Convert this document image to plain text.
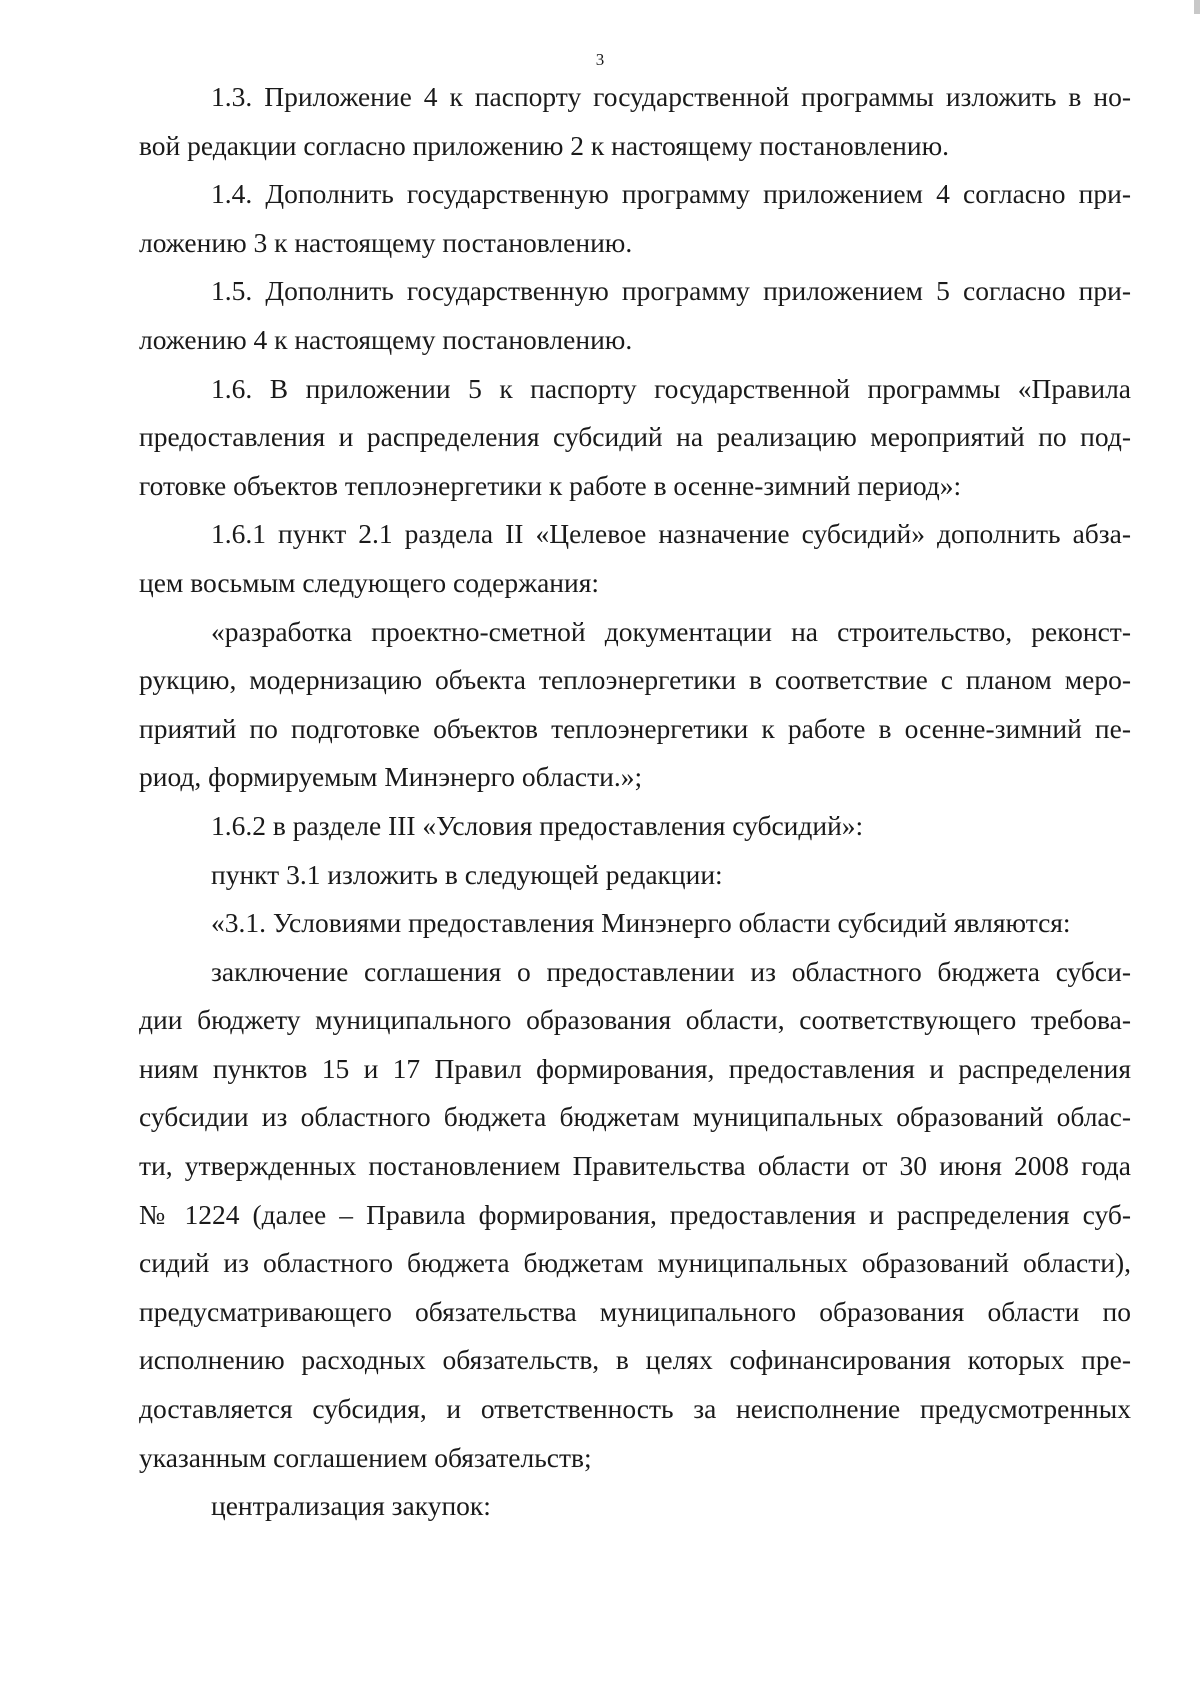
3
1.3. Приложение 4 к паспорту государственной программы изложить в но-
вой редакции согласно приложению 2 к настоящему постановлению.
1.4. Дополнить государственную программу приложением 4 согласно при-
ложению 3 к настоящему постановлению.
1.5. Дополнить государственную программу приложением 5 согласно при-
ложению 4 к настоящему постановлению.
1.6. В приложении 5 к паспорту государственной программы «Правила
предоставления и распределения субсидий на реализацию мероприятий по под-
готовке объектов теплоэнергетики к работе в осенне-зимний период»:
1.6.1 пункт 2.1 раздела II «Целевое назначение субсидий» дополнить абза-
цем восьмым следующего содержания:
«разработка проектно-сметной документации на строительство, реконст-
рукцию, модернизацию объекта теплоэнергетики в соответствие с планом меро-
приятий по подготовке объектов теплоэнергетики к работе в осенне-зимний пе-
риод, формируемым Минэнерго области.»;
1.6.2 в разделе III «Условия предоставления субсидий»:
пункт 3.1 изложить в следующей редакции:
«3.1. Условиями предоставления Минэнерго области субсидий являются:
заключение соглашения о предоставлении из областного бюджета субси-
дии бюджету муниципального образования области, соответствующего требова-
ниям пунктов 15 и 17 Правил формирования, предоставления и распределения
субсидии из областного бюджета бюджетам муниципальных образований облас-
ти, утвержденных постановлением Правительства области от 30 июня 2008 года
№ 1224 (далее – Правила формирования, предоставления и распределения суб-
сидий из областного бюджета бюджетам муниципальных образований области),
предусматривающего обязательства муниципального образования области по
исполнению расходных обязательств, в целях софинансирования которых пре-
доставляется субсидия, и ответственность за неисполнение предусмотренных
указанным соглашением обязательств;
централизация закупок:
